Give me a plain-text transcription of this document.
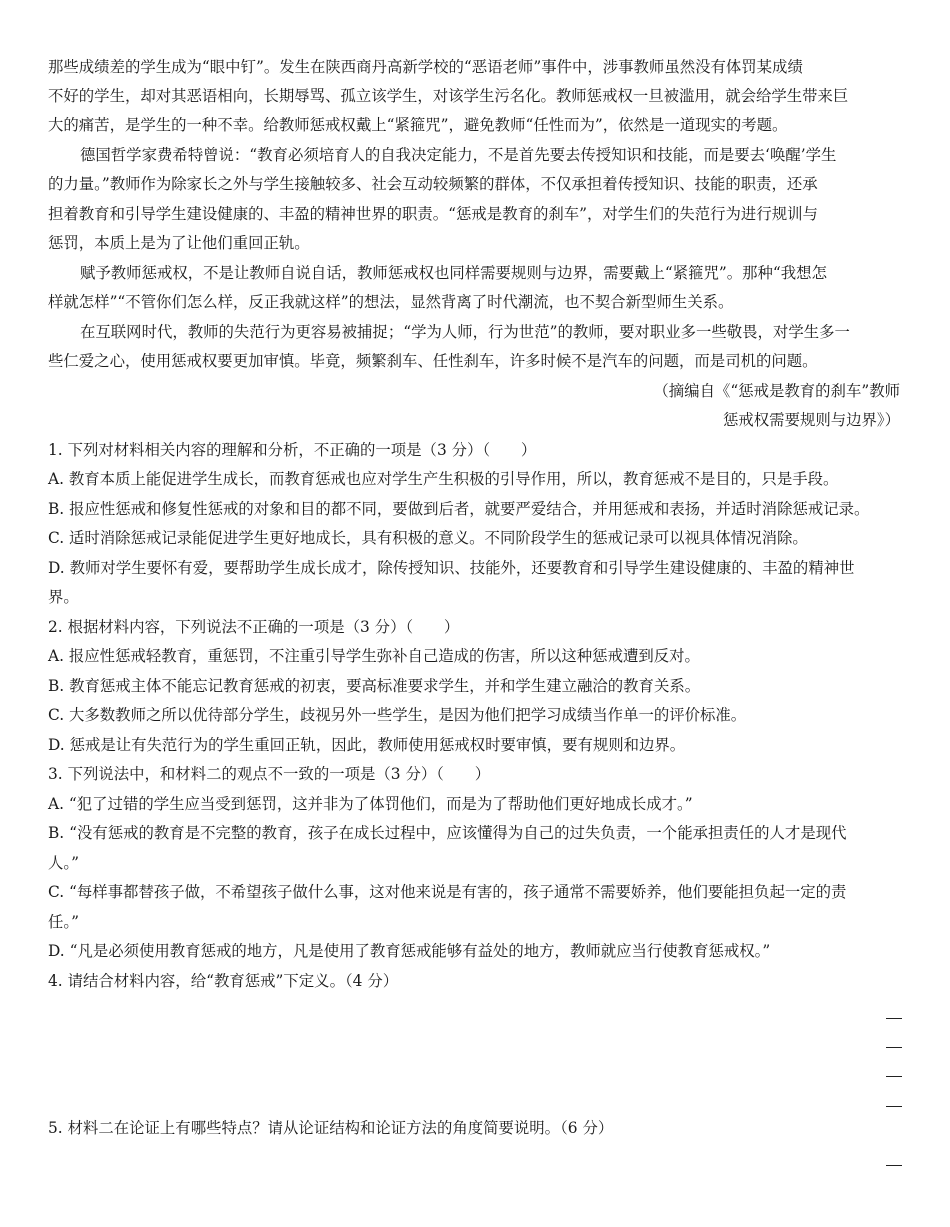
那些成绩差的学生成为“眼中钉”。发生在陕西商丹高新学校的“恶语老师”事件中，涉事教师虽然没有体罚某成绩
不好的学生，却对其恶语相向，长期辱骂、孤立该学生，对该学生污名化。教师惩戒权一旦被滥用，就会给学生带来巨
大的痛苦，是学生的一种不幸。给教师惩戒权戴上“紧箍咒”，避免教师“任性而为”，依然是一道现实的考题。
德国哲学家费希特曾说：“教育必须培育人的自我决定能力，不是首先要去传授知识和技能，而是要去‘唤醒’学生
的力量。”教师作为除家长之外与学生接触较多、社会互动较频繁的群体，不仅承担着传授知识、技能的职责，还承
担着教育和引导学生建设健康的、丰盈的精神世界的职责。“惩戒是教育的刹车”，对学生们的失范行为进行规训与
惩罚，本质上是为了让他们重回正轨。
赋予教师惩戒权，不是让教师自说自话，教师惩戒权也同样需要规则与边界，需要戴上“紧箍咒”。那种“我想怎
样就怎样”“不管你们怎么样，反正我就这样”的想法，显然背离了时代潮流，也不契合新型师生关系。
在互联网时代，教师的失范行为更容易被捕捉；“学为人师，行为世范”的教师，要对职业多一些敬畏，对学生多一
些仁爱之心，使用惩戒权要更加审慎。毕竟，频繁刹车、任性刹车，许多时候不是汽车的问题，而是司机的问题。
（摘编自《“惩戒是教育的刹车”教师
惩戒权需要规则与边界》）
1. 下列对材料相关内容的理解和分析，不正确的一项是（3 分）（　　）
A. 教育本质上能促进学生成长，而教育惩戒也应对学生产生积极的引导作用，所以，教育惩戒不是目的，只是手段。
B. 报应性惩戒和修复性惩戒的对象和目的都不同，要做到后者，就要严爱结合，并用惩戒和表扬，并适时消除惩戒记录。
C. 适时消除惩戒记录能促进学生更好地成长，具有积极的意义。不同阶段学生的惩戒记录可以视具体情况消除。
D. 教师对学生要怀有爱，要帮助学生成长成才，除传授知识、技能外，还要教育和引导学生建设健康的、丰盈的精神世
界。
2. 根据材料内容，下列说法不正确的一项是（3 分）（　　）
A. 报应性惩戒轻教育，重惩罚，不注重引导学生弥补自己造成的伤害，所以这种惩戒遭到反对。
B. 教育惩戒主体不能忘记教育惩戒的初衷，要高标准要求学生，并和学生建立融洽的教育关系。
C. 大多数教师之所以优待部分学生，歧视另外一些学生，是因为他们把学习成绩当作单一的评价标准。
D. 惩戒是让有失范行为的学生重回正轨，因此，教师使用惩戒权时要审慎，要有规则和边界。
3. 下列说法中，和材料二的观点不一致的一项是（3 分）（　　）
A. “犯了过错的学生应当受到惩罚，这并非为了体罚他们，而是为了帮助他们更好地成长成才。”
B. “没有惩戒的教育是不完整的教育，孩子在成长过程中，应该懂得为自己的过失负责，一个能承担责任的人才是现代
人。”
C. “每样事都替孩子做，不希望孩子做什么事，这对他来说是有害的，孩子通常不需要娇养，他们要能担负起一定的责
任。”
D. “凡是必须使用教育惩戒的地方，凡是使用了教育惩戒能够有益处的地方，教师就应当行使教育惩戒权。”
4. 请结合材料内容，给“教育惩戒”下定义。（4 分）
5. 材料二在论证上有哪些特点？请从论证结构和论证方法的角度简要说明。（6 分）
